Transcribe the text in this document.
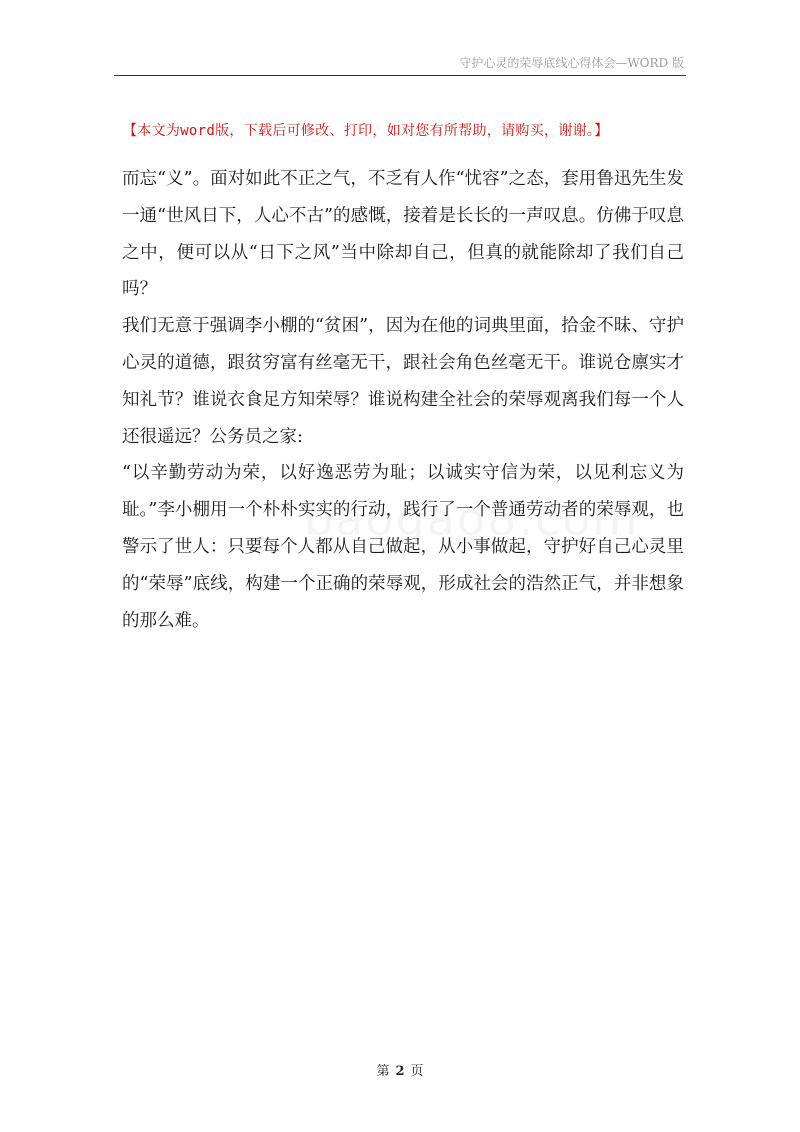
守护心灵的荣辱底线心得体会—WORD 版
【本文为word版，下载后可修改、打印，如对您有所帮助，请购买，谢谢。】

而忘“义”。面对如此不正之气，不乏有人作“忧容”之态，套用鲁迅先生发一通“世风日下，人心不古”的感慨，接着是长长的一声叹息。仿佛于叹息之中，便可以从“日下之风”当中除却自己，但真的就能除却了我们自己吗？

我们无意于强调李小棚的“贫困”，因为在他的词典里面，拾金不昧、守护心灵的道德，跟贫穷富有丝毫无干，跟社会角色丝毫无干。谁说仓廪实才知礼节？谁说衣食足方知荣辱？谁说构建全社会的荣辱观离我们每一个人还很遥远？公务员之家:

“以辛勤劳动为荣，以好逸恶劳为耻；以诚实守信为荣，以见利忘义为耻。”李小棚用一个朴朴实实的行动，践行了一个普通劳动者的荣辱观，也警示了世人：只要每个人都从自己做起，从小事做起，守护好自己心灵里的“荣辱”底线，构建一个正确的荣辱观，形成社会的浩然正气，并非想象的那么难。

第 2 页
